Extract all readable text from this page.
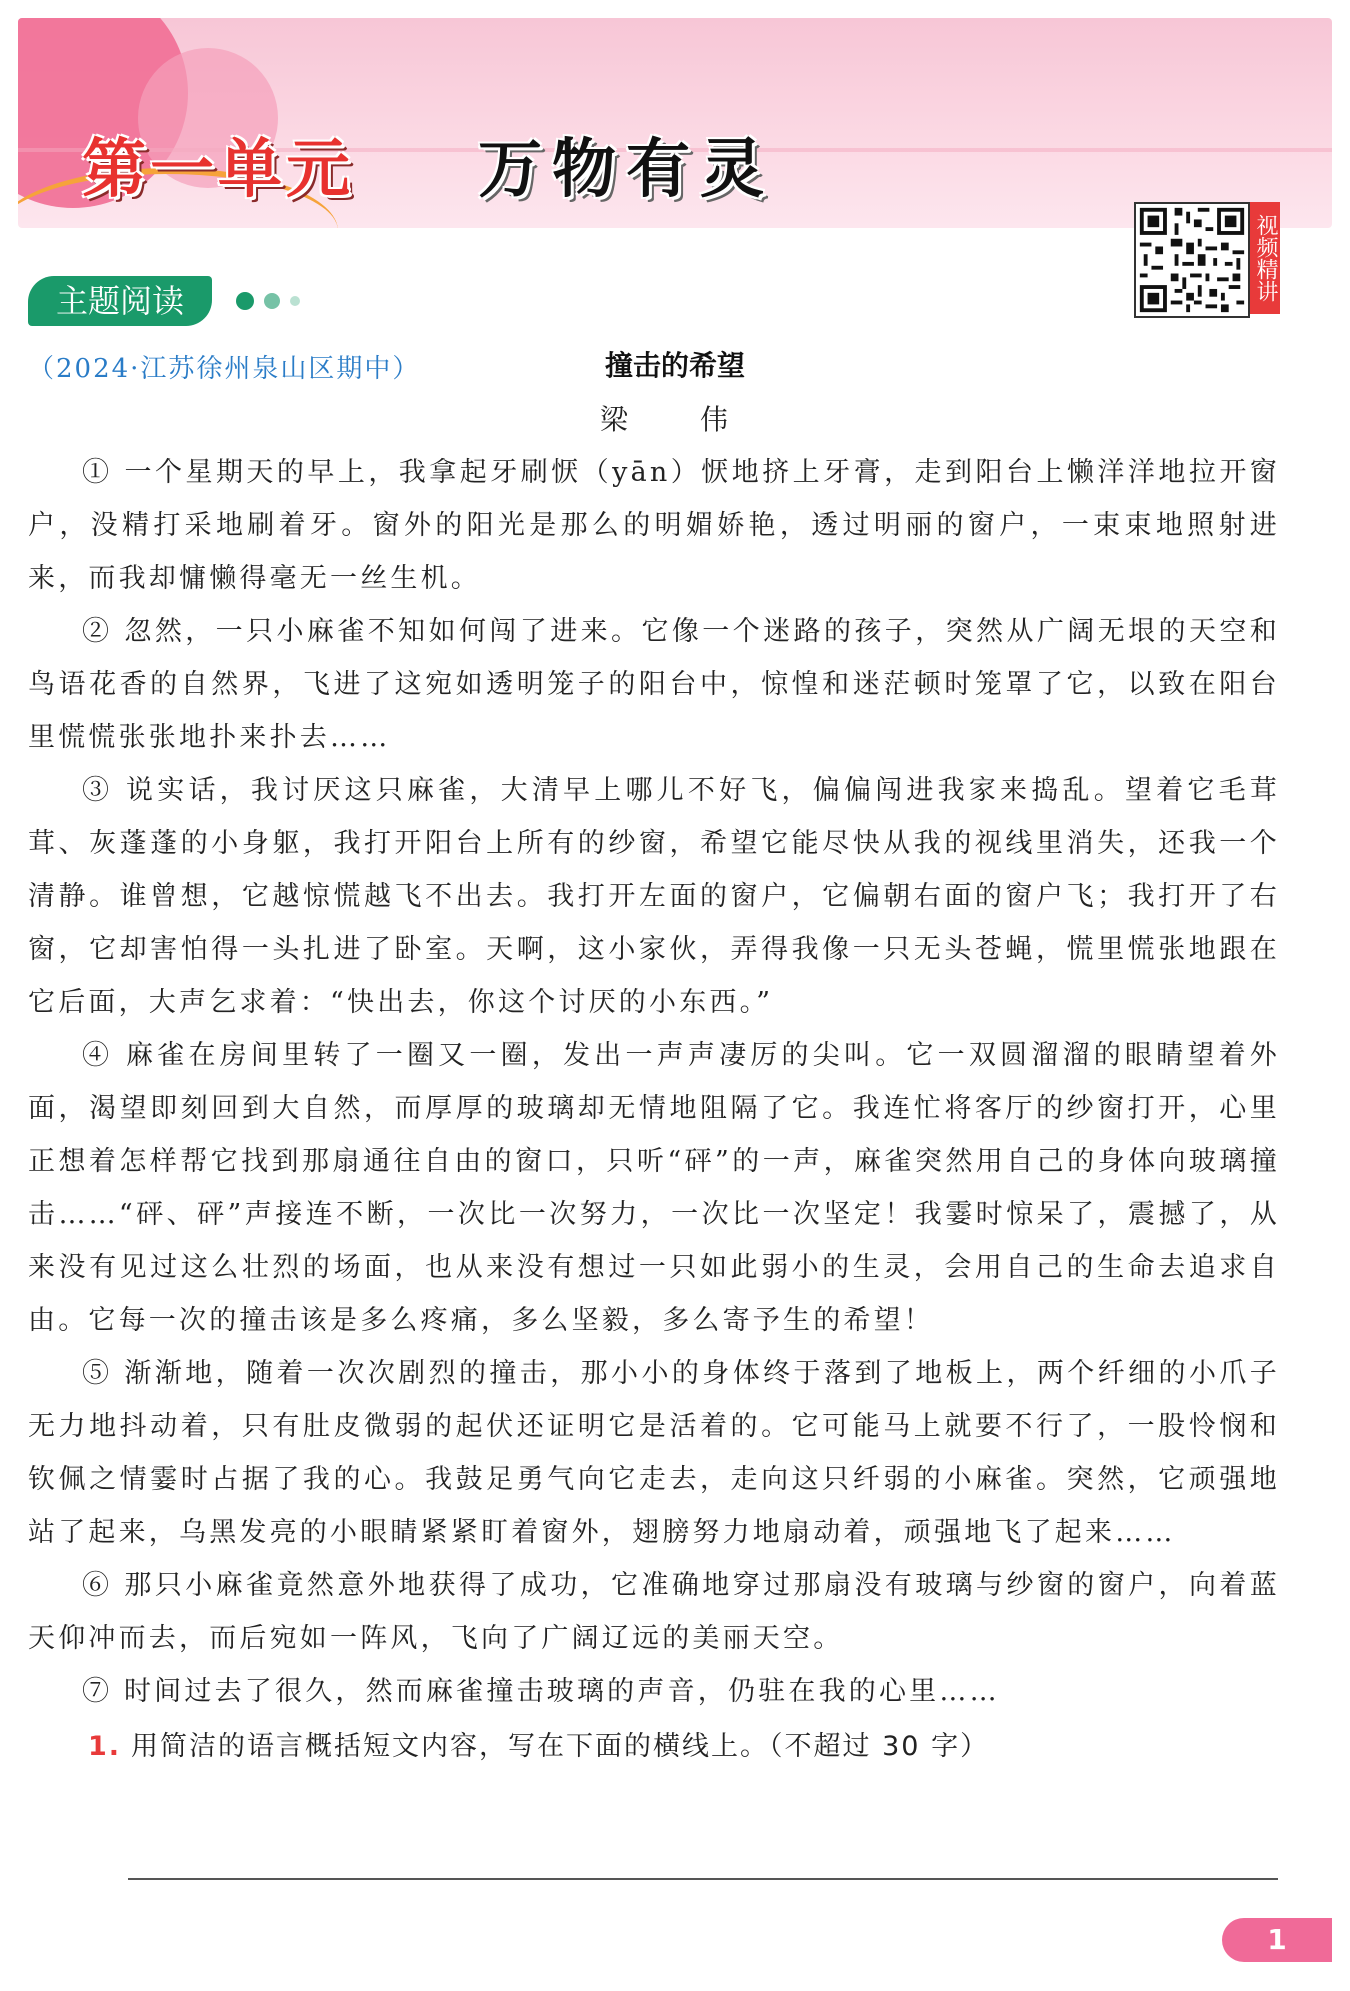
第一单元 万物有灵
视频精讲
主题阅读
（2024·江苏徐州泉山区期中）	撞击的希望
梁　伟

① 一个星期天的早上，我拿起牙刷恹（yān）恹地挤上牙膏，走到阳台上懒洋洋地拉开窗户，没精打采地刷着牙。窗外的阳光是那么的明媚娇艳，透过明丽的窗户，一束束地照射进来，而我却慵懒得毫无一丝生机。

② 忽然，一只小麻雀不知如何闯了进来。它像一个迷路的孩子，突然从广阔无垠的天空和鸟语花香的自然界，飞进了这宛如透明笼子的阳台中，惊惶和迷茫顿时笼罩了它，以致在阳台里慌慌张张地扑来扑去……

③ 说实话，我讨厌这只麻雀，大清早上哪儿不好飞，偏偏闯进我家来捣乱。望着它毛茸茸、灰蓬蓬的小身躯，我打开阳台上所有的纱窗，希望它能尽快从我的视线里消失，还我一个清静。谁曾想，它越惊慌越飞不出去。我打开左面的窗户，它偏朝右面的窗户飞；我打开了右窗，它却害怕得一头扎进了卧室。天啊，这小家伙，弄得我像一只无头苍蝇，慌里慌张地跟在它后面，大声乞求着：“快出去，你这个讨厌的小东西。”

④ 麻雀在房间里转了一圈又一圈，发出一声声凄厉的尖叫。它一双圆溜溜的眼睛望着外面，渴望即刻回到大自然，而厚厚的玻璃却无情地阻隔了它。我连忙将客厅的纱窗打开，心里正想着怎样帮它找到那扇通往自由的窗口，只听“砰”的一声，麻雀突然用自己的身体向玻璃撞击……“砰、砰”声接连不断，一次比一次努力，一次比一次坚定！我霎时惊呆了，震撼了，从来没有见过这么壮烈的场面，也从来没有想过一只如此弱小的生灵，会用自己的生命去追求自由。它每一次的撞击该是多么疼痛，多么坚毅，多么寄予生的希望！

⑤ 渐渐地，随着一次次剧烈的撞击，那小小的身体终于落到了地板上，两个纤细的小爪子无力地抖动着，只有肚皮微弱的起伏还证明它是活着的。它可能马上就要不行了，一股怜悯和钦佩之情霎时占据了我的心。我鼓足勇气向它走去，走向这只纤弱的小麻雀。突然，它顽强地站了起来，乌黑发亮的小眼睛紧紧盯着窗外，翅膀努力地扇动着，顽强地飞了起来……

⑥ 那只小麻雀竟然意外地获得了成功，它准确地穿过那扇没有玻璃与纱窗的窗户，向着蓝天仰冲而去，而后宛如一阵风，飞向了广阔辽远的美丽天空。

⑦ 时间过去了很久，然而麻雀撞击玻璃的声音，仍驻在我的心里……

1. 用简洁的语言概括短文内容，写在下面的横线上。（不超过 30 字）
1
